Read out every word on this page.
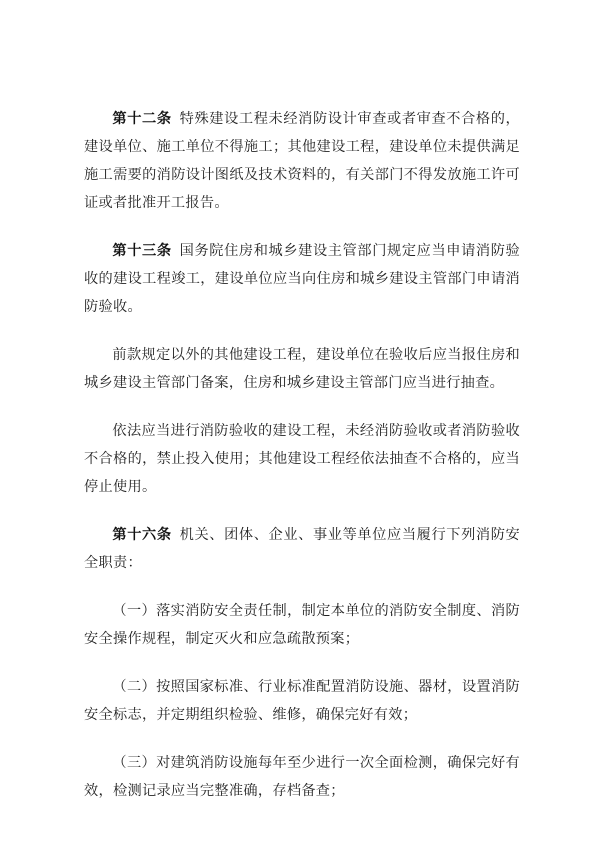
第十二条 特殊建设工程未经消防设计审查或者审查不合格的，建设单位、施工单位不得施工；其他建设工程，建设单位未提供满足施工需要的消防设计图纸及技术资料的，有关部门不得发放施工许可证或者批准开工报告。

第十三条 国务院住房和城乡建设主管部门规定应当申请消防验收的建设工程竣工，建设单位应当向住房和城乡建设主管部门申请消防验收。

前款规定以外的其他建设工程，建设单位在验收后应当报住房和城乡建设主管部门备案，住房和城乡建设主管部门应当进行抽查。

依法应当进行消防验收的建设工程，未经消防验收或者消防验收不合格的，禁止投入使用；其他建设工程经依法抽查不合格的，应当停止使用。

第十六条 机关、团体、企业、事业等单位应当履行下列消防安全职责：

（一）落实消防安全责任制，制定本单位的消防安全制度、消防安全操作规程，制定灭火和应急疏散预案；

（二）按照国家标准、行业标准配置消防设施、器材，设置消防安全标志，并定期组织检验、维修，确保完好有效；

（三）对建筑消防设施每年至少进行一次全面检测，确保完好有效，检测记录应当完整准确，存档备查；
